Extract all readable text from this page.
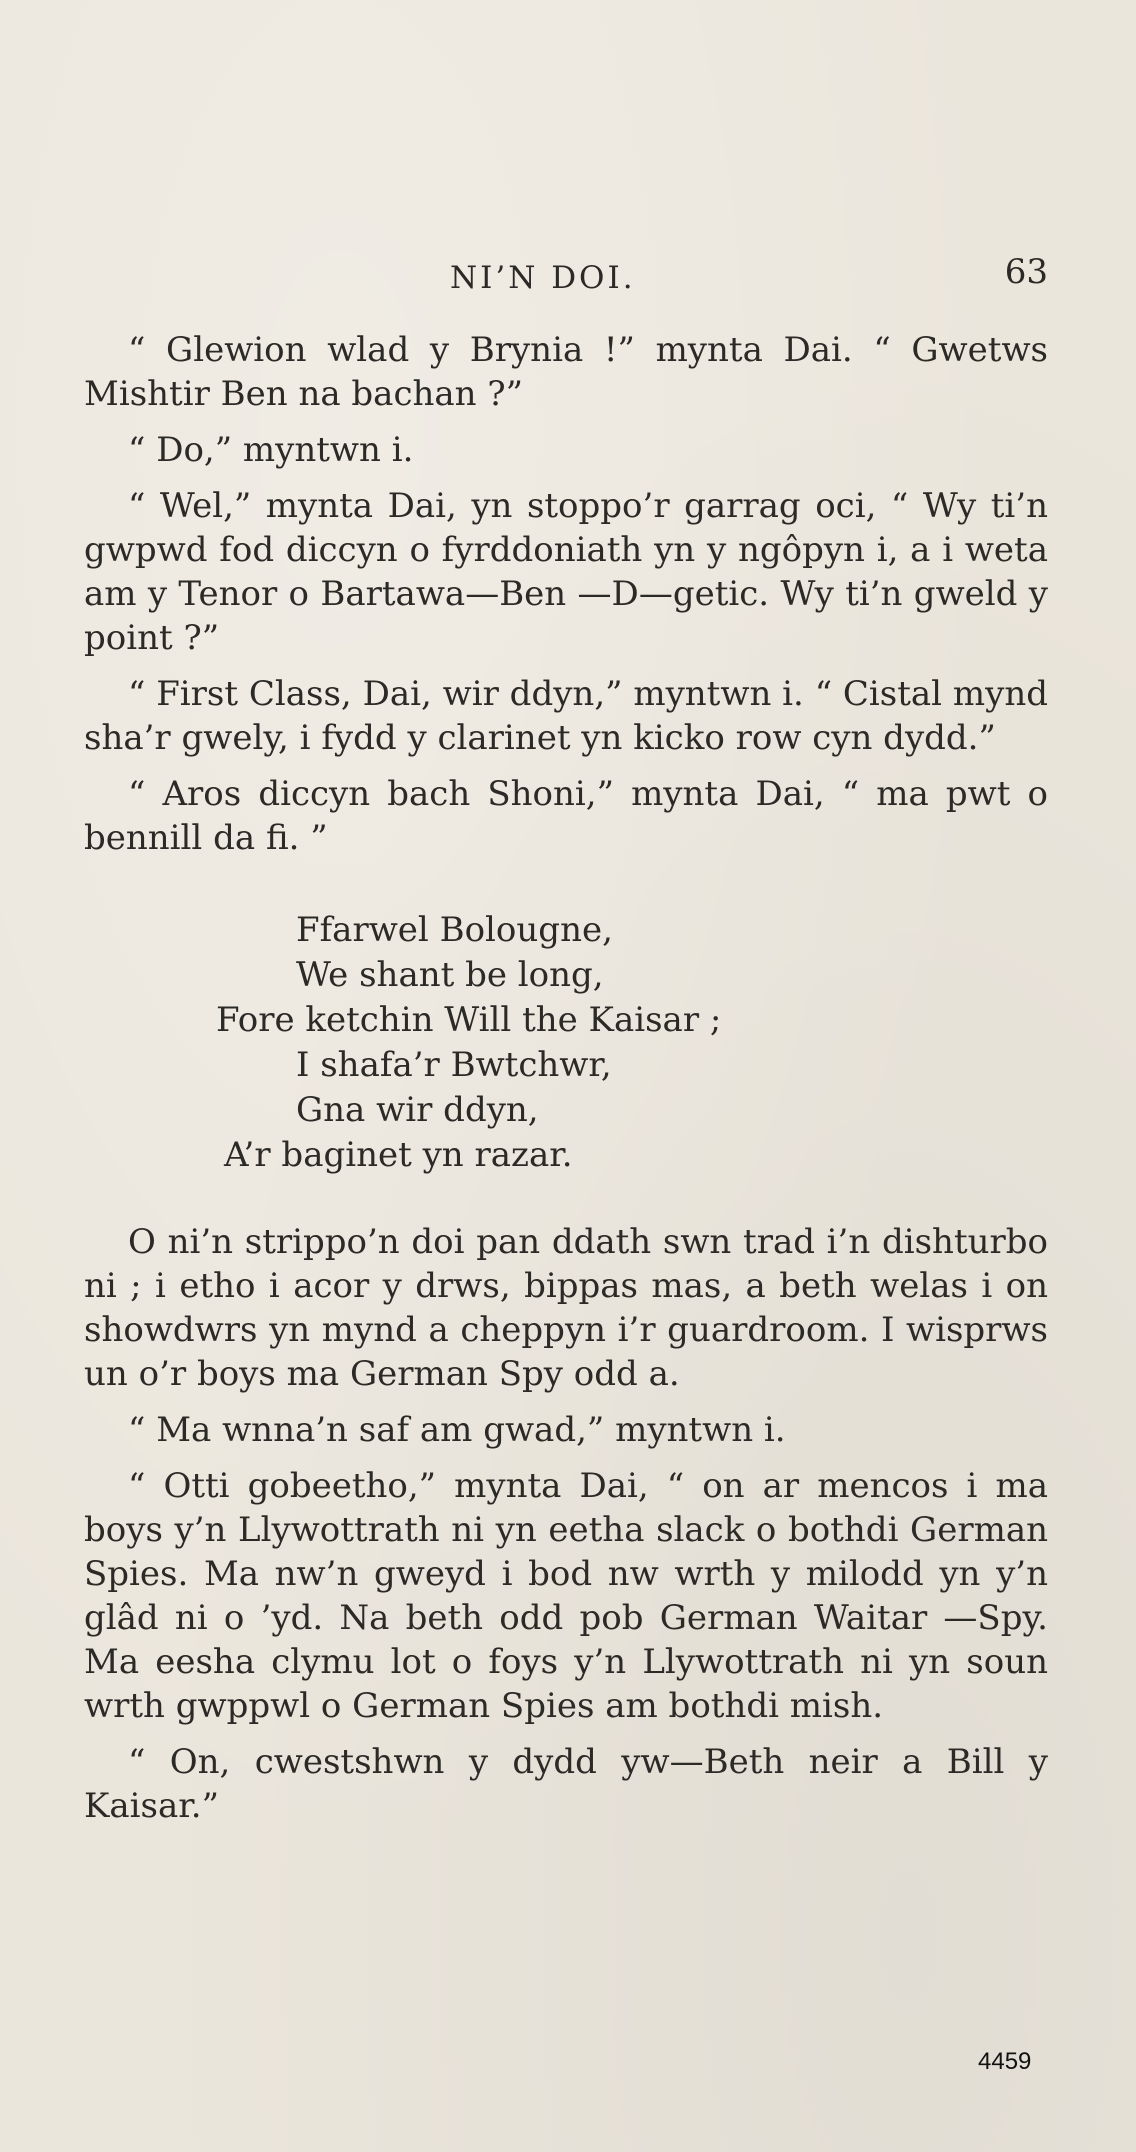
NI’N DOI.	63

“ Glewion wlad y Brynia !” mynta Dai. “ Gwetws Mishtir Ben na bachan ?”

“ Do,” myntwn i.

“ Wel,” mynta Dai, yn stoppo’r garrag oci, “ Wy ti’n gwpwd fod diccyn o fyrddoniath yn y ngôpyn i, a i weta am y Tenor o Bartawa—Ben —D—getic. Wy ti’n gweld y point ?”

“ First Class, Dai, wir ddyn,” myntwn i. “ Cistal mynd sha’r gwely, i fydd y clarinet yn kicko row cyn dydd.”

“ Aros diccyn bach Shoni,” mynta Dai, “ ma pwt o bennill da fi. ”

Ffarwel Bolougne,
We shant be long,
Fore ketchin Will the Kaisar ;
I shafa’r Bwtchwr,
Gna wir ddyn,
A’r baginet yn razar.

O ni’n strippo’n doi pan ddath swn trad i’n dishturbo ni ; i etho i acor y drws, bippas mas, a beth welas i on showdwrs yn mynd a cheppyn i’r guardroom. I wisprws un o’r boys ma German Spy odd a.

“ Ma wnna’n saf am gwad,” myntwn i.

“ Otti gobeetho,” mynta Dai, “ on ar mencos i ma boys y’n Llywottrath ni yn eetha slack o bothdi German Spies. Ma nw’n gweyd i bod nw wrth y milodd yn y’n glâd ni o ’yd. Na beth odd pob German Waitar —Spy. Ma eesha clymu lot o foys y’n Llywottrath ni yn soun wrth gwppwl o German Spies am bothdi mish.

“ On, cwestshwn y dydd yw—Beth neir a Bill y Kaisar.”

4459
